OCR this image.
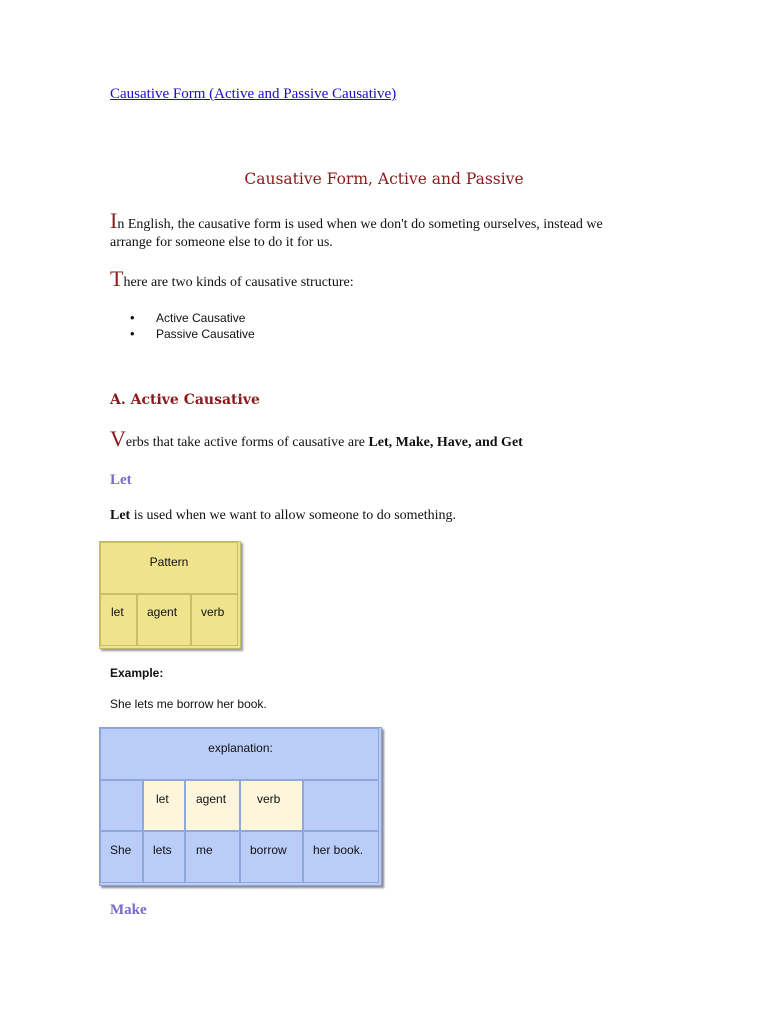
Causative Form (Active and Passive Causative)
Causative Form, Active and Passive
In English, the causative form is used when we don't do someting ourselves, instead we
arrange for someone else to do it for us.
There are two kinds of causative structure:
• Active Causative
• Passive Causative
A. Active Causative
Verbs that take active forms of causative are Let, Make, Have, and Get
Let
Let is used when we want to allow someone to do something.
Pattern
let agent verb
Example:
She lets me borrow her book.
explanation:
let agent	verb
She lets me	borrow her book.
Make
